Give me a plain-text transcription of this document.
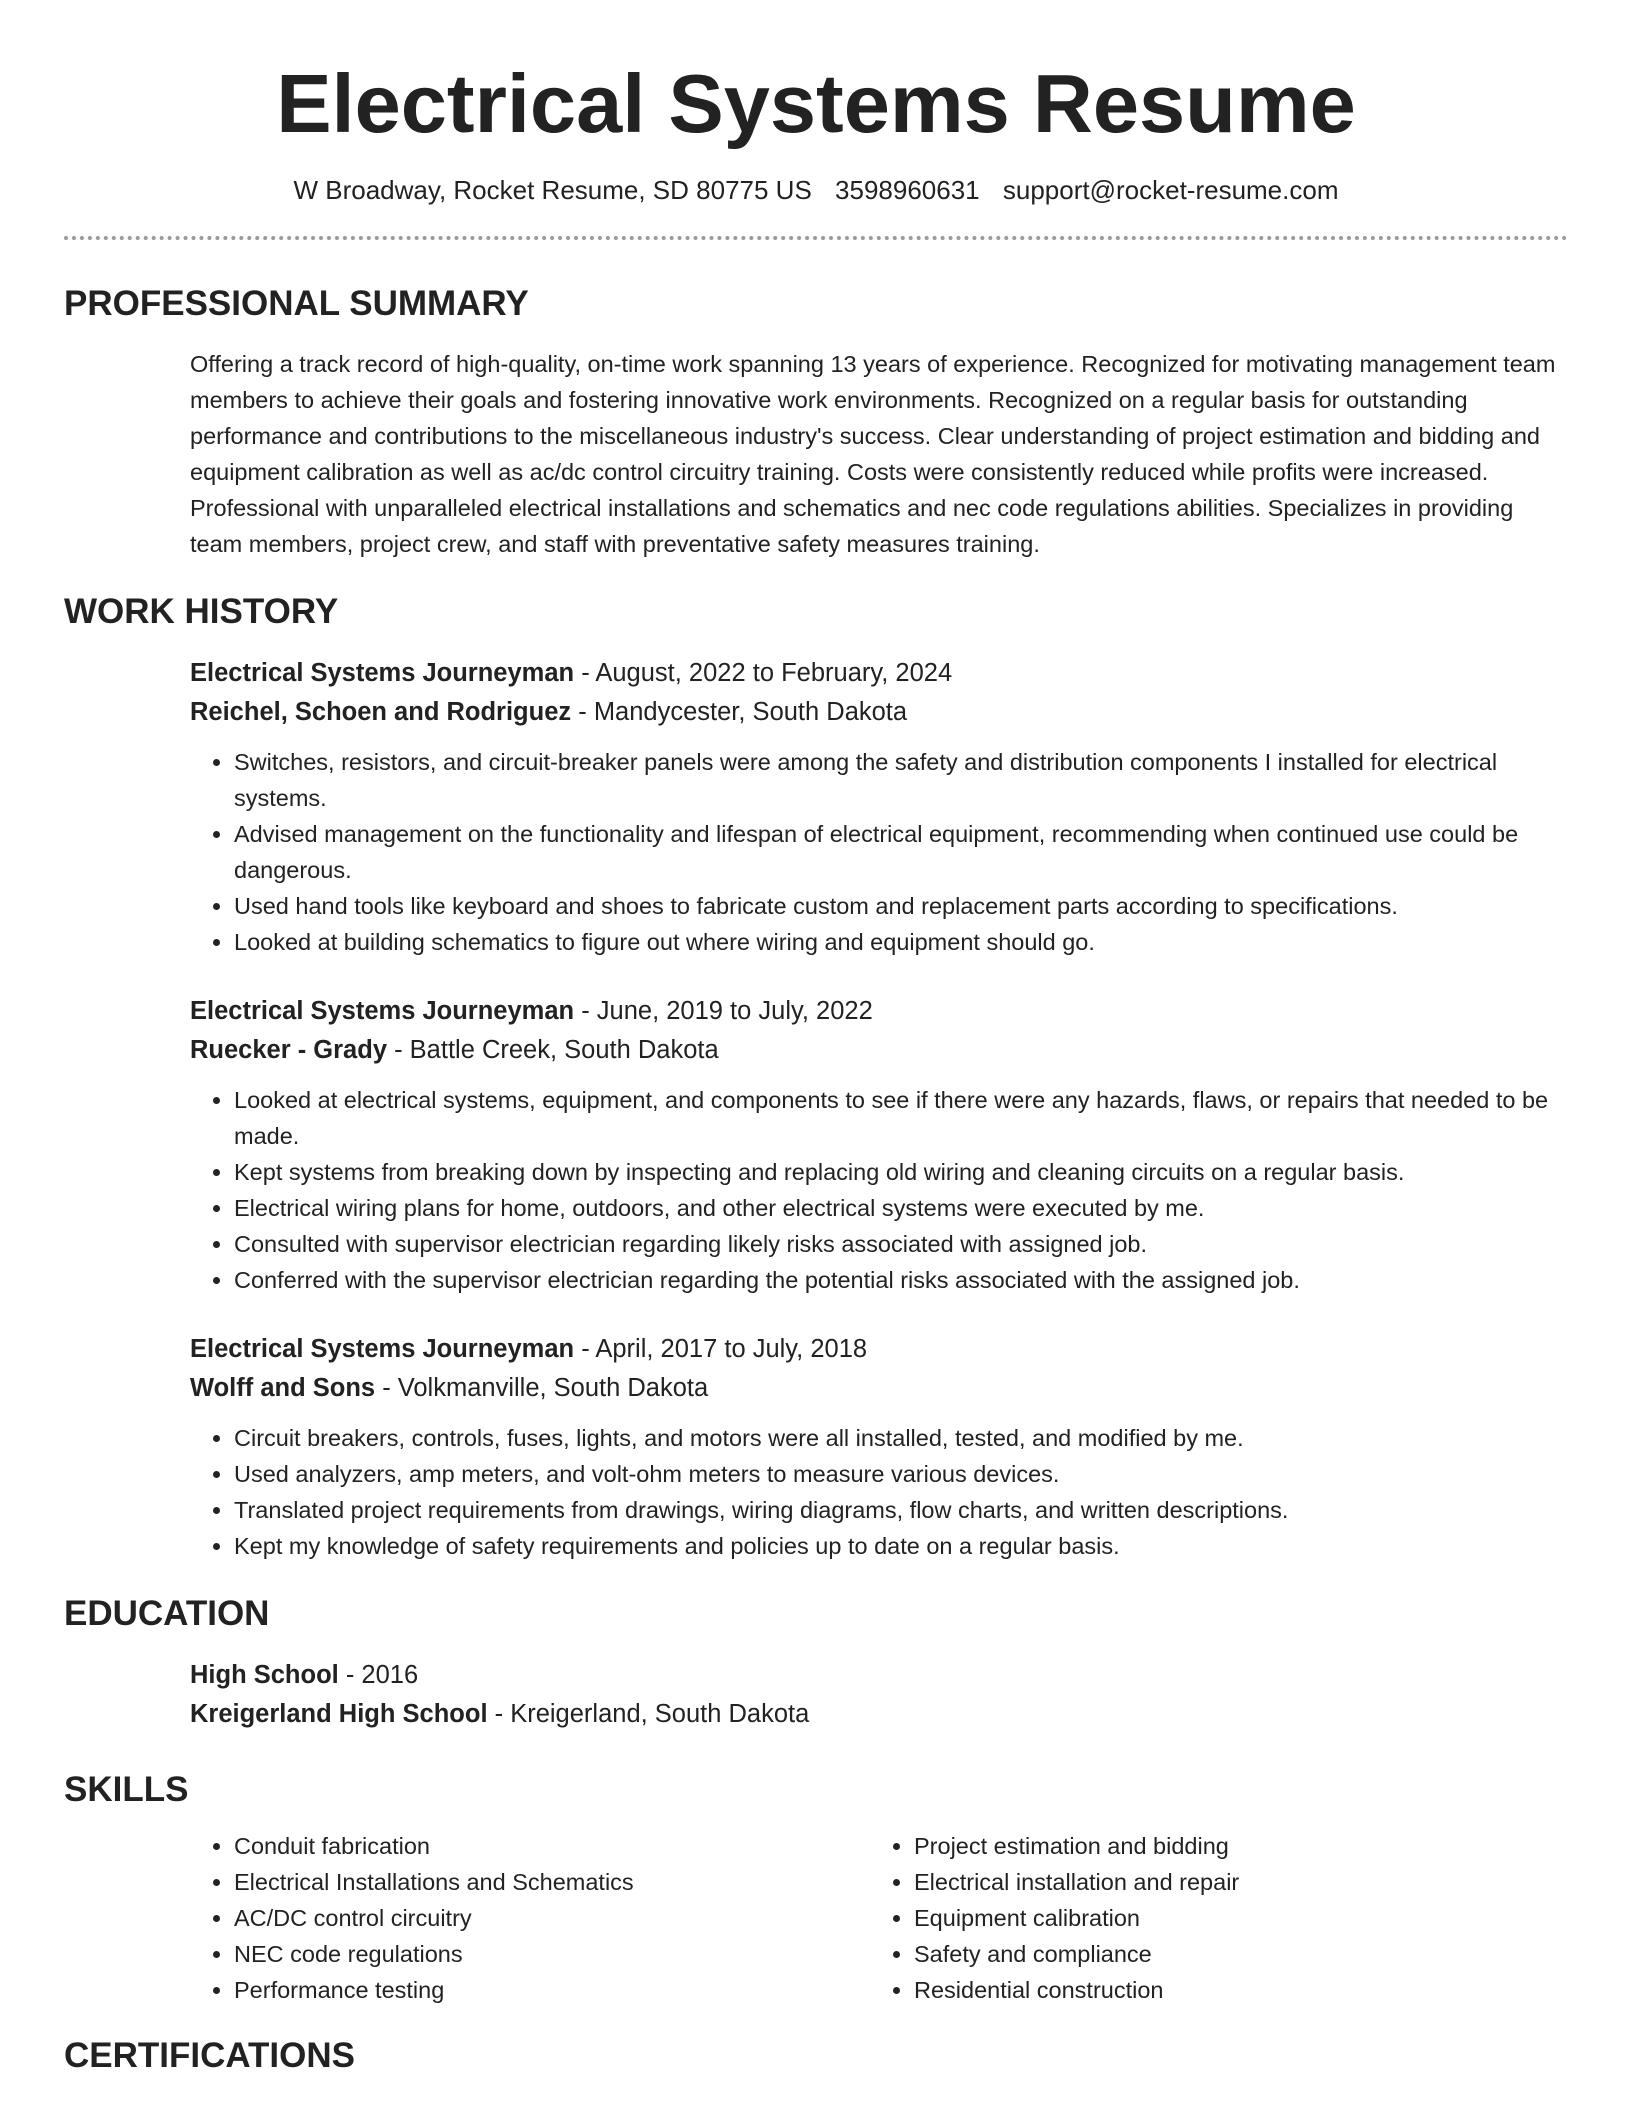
Electrical Systems Resume
W Broadway, Rocket Resume, SD 80775 US 3598960631 support@rocket-resume.com
PROFESSIONAL SUMMARY

Offering a track record of high-quality, on-time work spanning 13 years of experience. Recognized for motivating management team members to achieve their goals and fostering innovative work environments. Recognized on a regular basis for outstanding performance and contributions to the miscellaneous industry's success. Clear understanding of project estimation and bidding and equipment calibration as well as ac/dc control circuitry training. Costs were consistently reduced while profits were increased. Professional with unparalleled electrical installations and schematics and nec code regulations abilities. Specializes in providing team members, project crew, and staff with preventative safety measures training.

WORK HISTORY
Electrical Systems Journeyman - August, 2022 to February, 2024
Reichel, Schoen and Rodriguez - Mandycester, South Dakota
• Switches, resistors, and circuit-breaker panels were among the safety and distribution components I installed for electrical systems.
• Advised management on the functionality and lifespan of electrical equipment, recommending when continued use could be dangerous.
• Used hand tools like keyboard and shoes to fabricate custom and replacement parts according to specifications.
• Looked at building schematics to figure out where wiring and equipment should go.
Electrical Systems Journeyman - June, 2019 to July, 2022
Ruecker - Grady - Battle Creek, South Dakota
• Looked at electrical systems, equipment, and components to see if there were any hazards, flaws, or repairs that needed to be made.
• Kept systems from breaking down by inspecting and replacing old wiring and cleaning circuits on a regular basis.
• Electrical wiring plans for home, outdoors, and other electrical systems were executed by me.
• Consulted with supervisor electrician regarding likely risks associated with assigned job.
• Conferred with the supervisor electrician regarding the potential risks associated with the assigned job.
Electrical Systems Journeyman - April, 2017 to July, 2018
Wolff and Sons - Volkmanville, South Dakota
• Circuit breakers, controls, fuses, lights, and motors were all installed, tested, and modified by me.
• Used analyzers, amp meters, and volt-ohm meters to measure various devices.
• Translated project requirements from drawings, wiring diagrams, flow charts, and written descriptions.
• Kept my knowledge of safety requirements and policies up to date on a regular basis.
EDUCATION
High School - 2016
Kreigerland High School - Kreigerland, South Dakota
SKILLS
• Conduit fabrication
• Electrical Installations and Schematics
• AC/DC control circuitry
• NEC code regulations
• Performance testing
• Project estimation and bidding
• Electrical installation and repair
• Equipment calibration
• Safety and compliance
• Residential construction
CERTIFICATIONS
